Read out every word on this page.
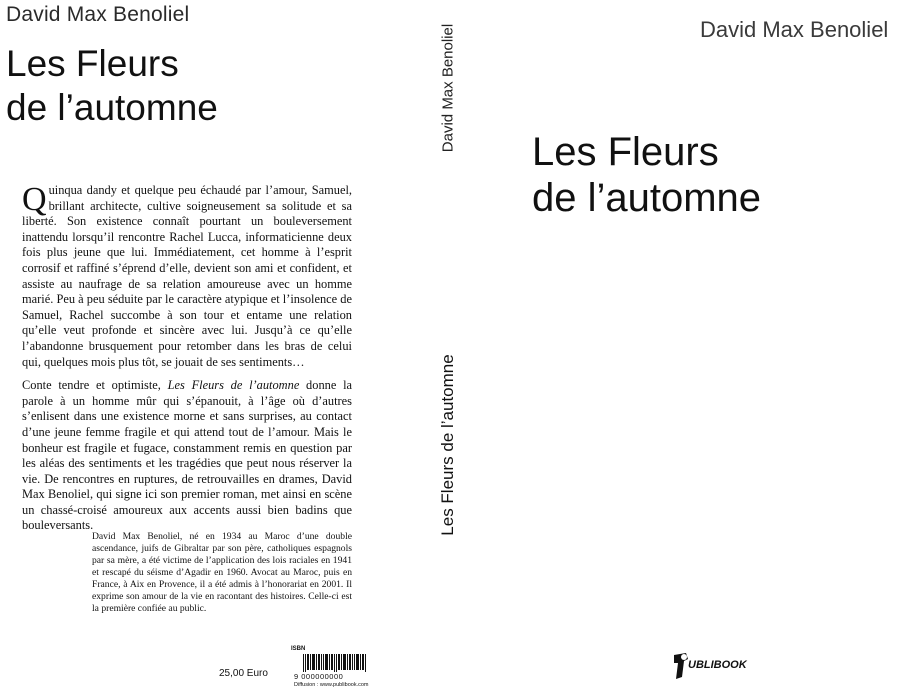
David Max Benoliel
Les Fleurs
de l’automne

Quinqua dandy et quelque peu échaudé par l’amour, Samuel, brillant architecte, cultive soigneusement sa solitude et sa liberté. Son existence connaît pourtant un bouleversement inattendu lorsqu’il rencontre Rachel Lucca, informaticienne deux fois plus jeune que lui. Immédiatement, cet homme à l’esprit corrosif et raffiné s’éprend d’elle, devient son ami et confident, et assiste au naufrage de sa relation amoureuse avec un homme marié. Peu à peu séduite par le caractère atypique et l’insolence de Samuel, Rachel succombe à son tour et entame une relation qu’elle veut profonde et sincère avec lui. Jusqu’à ce qu’elle l’abandonne brusquement pour retomber dans les bras de celui qui, quelques mois plus tôt, se jouait de ses sentiments…

Conte tendre et optimiste, Les Fleurs de l’automne donne la parole à un homme mûr qui s’épanouit, à l’âge où d’autres s’enlisent dans une existence morne et sans surprises, au contact d’une jeune femme fragile et qui attend tout de l’amour. Mais le bonheur est fragile et fugace, constamment remis en question par les aléas des sentiments et les tragédies que peut nous réserver la vie. De rencontres en ruptures, de retrouvailles en drames, David Max Benoliel, qui signe ici son premier roman, met ainsi en scène un chassé-croisé amoureux aux accents aussi bien badins que bouleversants.

David Max Benoliel, né en 1934 au Maroc d’une double ascendance, juifs de Gibraltar par son père, catholiques espagnols par sa mère, a été victime de l’application des lois raciales en 1941 et rescapé du séisme d’Agadir en 1960. Avocat au Maroc, puis en France, à Aix en Provence, il a été admis à l’honorariat en 2001. Il exprime son amour de la vie en racontant des histoires. Celle-ci est la première confiée au public.
25,00 Euro
ISBN
9 000000000
Diffusion : www.publibook.com
David Max Benoliel
Les Fleurs de l’automne
David Max Benoliel
Les Fleurs
de l’automne
UBLIBOOK
